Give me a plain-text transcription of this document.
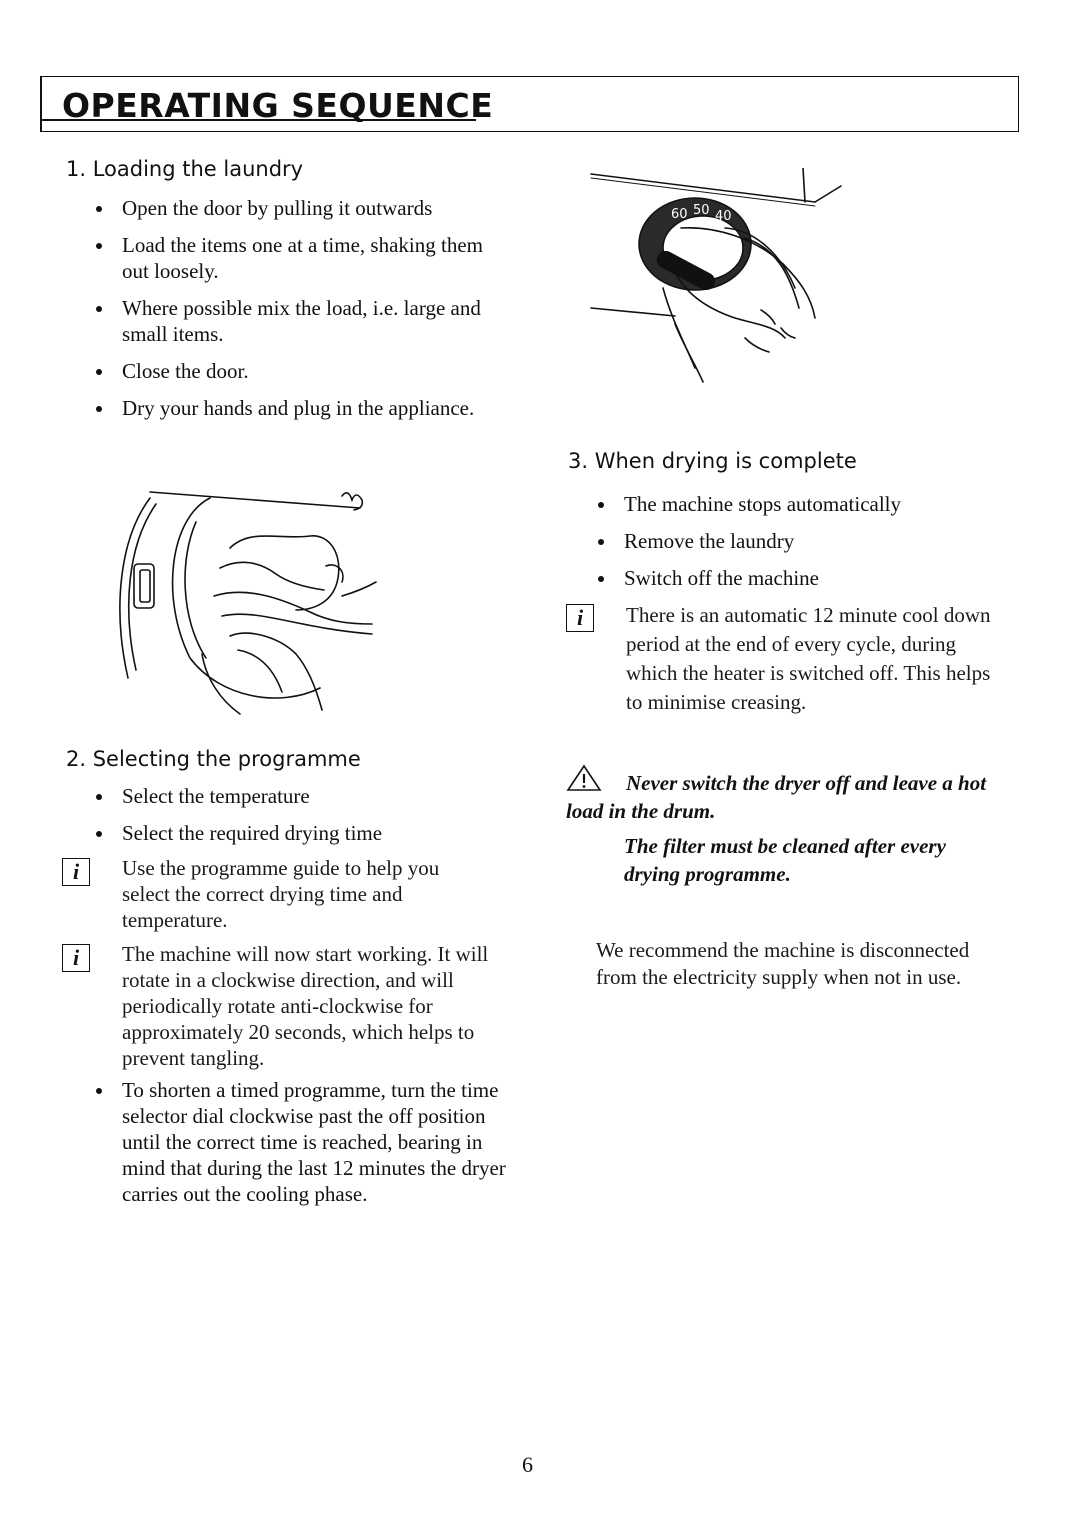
OPERATING SEQUENCE
1. Loading the laundry
Open the door by pulling it outwards
Load the items one at a time, shaking them out loosely.
Where possible mix the load, i.e. large and small items.
Close the door.
Dry your hands and plug in the appliance.
2. Selecting the programme
Select the temperature
Select the required drying time
i	Use the programme guide to help you select the correct drying time and temperature.
i	The machine will now start working. It will rotate in a clockwise direction, and will periodically rotate anti-clockwise for approximately 20 seconds, which helps to prevent tangling.
To shorten a timed programme, turn the time selector dial clockwise past the off position until the correct time is reached, bearing in mind that during the last 12 minutes the dryer carries out the cooling phase.
60 50 40
3. When drying is complete
The machine stops automatically
Remove the laundry
Switch off the machine
i	There is an automatic 12 minute cool down period at the end of every cycle, during which the heater is switched off. This helps to minimise creasing.
Never switch the dryer off and leave a hot load in the drum.
The filter must be cleaned after every drying programme.
We recommend the machine is disconnected from the electricity supply when not in use.
6
